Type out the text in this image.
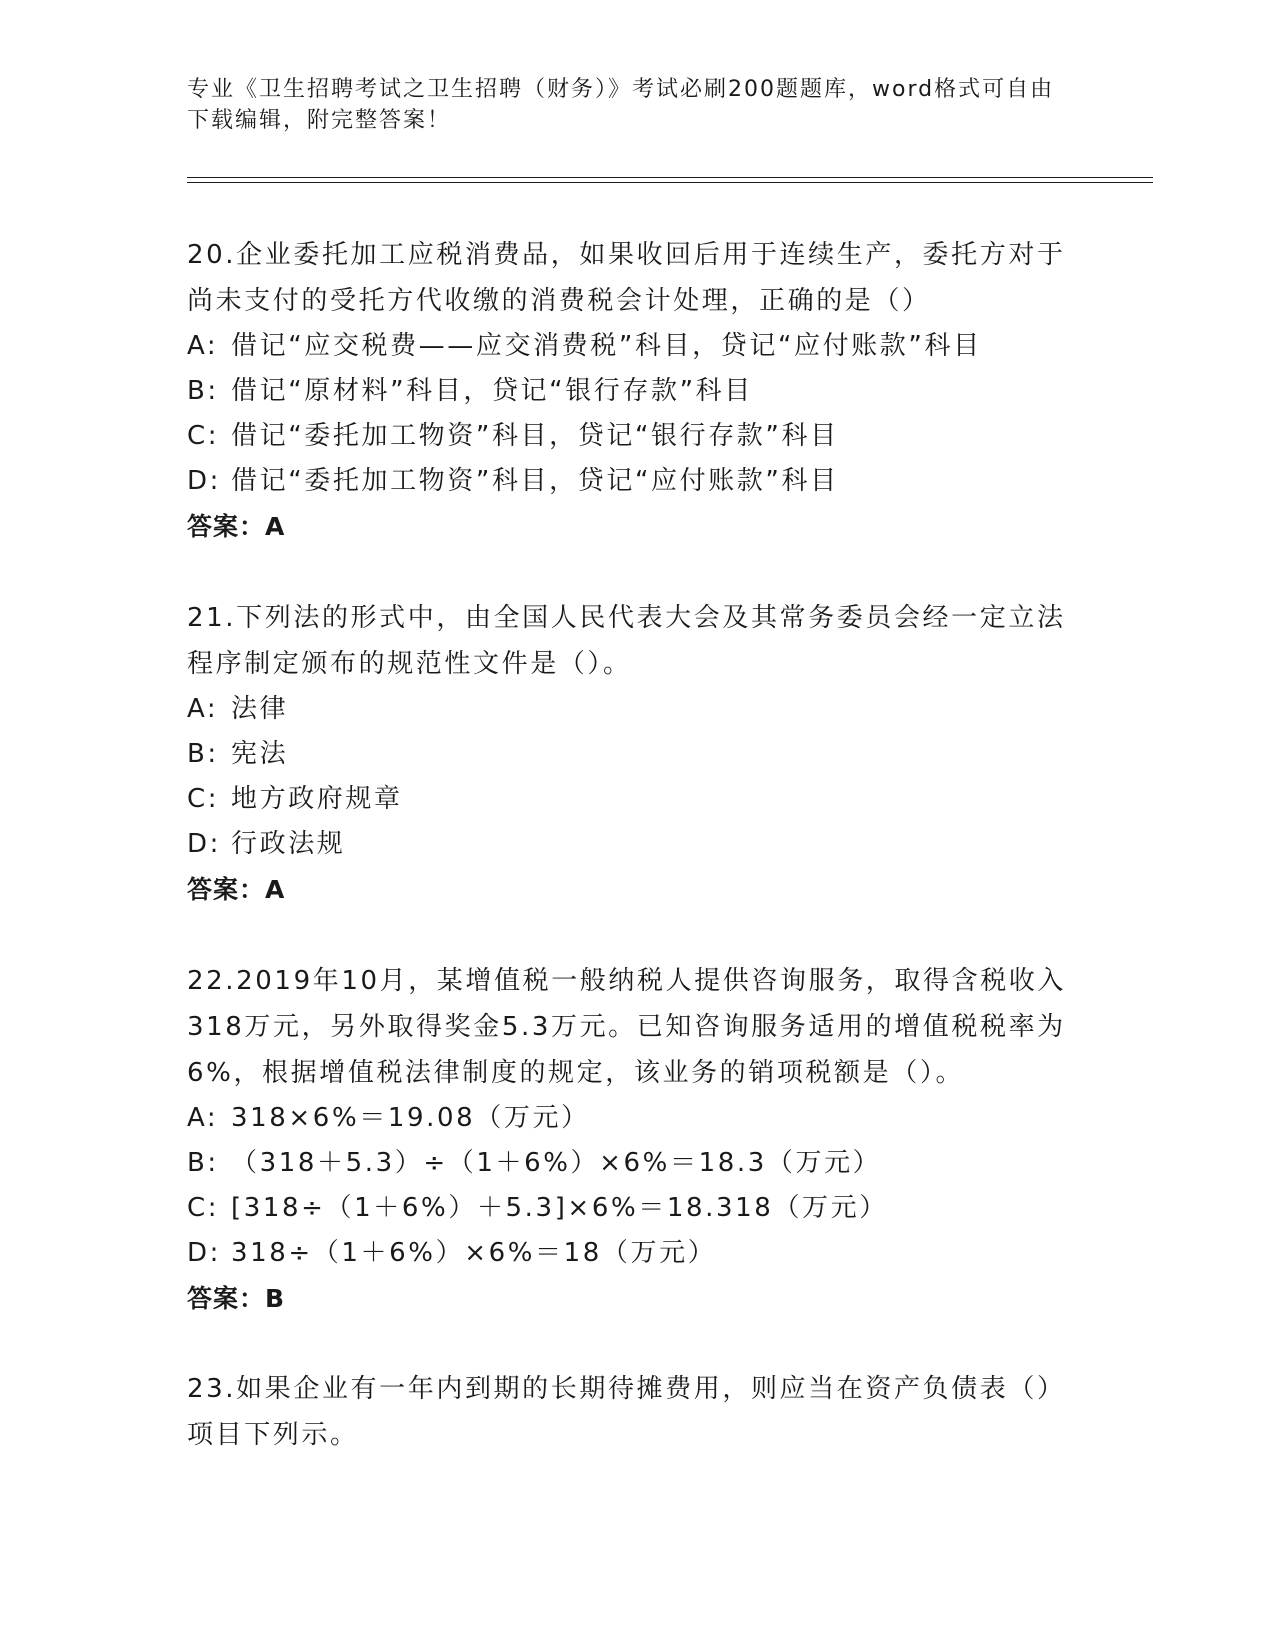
专业《卫生招聘考试之卫生招聘（财务）》考试必刷200题题库，word格式可自由下载编辑，附完整答案！
20.企业委托加工应税消费品，如果收回后用于连续生产，委托方对于尚未支付的受托方代收缴的消费税会计处理，正确的是（）
A: 借记“应交税费——应交消费税”科目，贷记“应付账款”科目
B: 借记“原材料”科目，贷记“银行存款”科目
C: 借记“委托加工物资”科目，贷记“银行存款”科目
D: 借记“委托加工物资”科目，贷记“应付账款”科目
答案：A
21.下列法的形式中，由全国人民代表大会及其常务委员会经一定立法程序制定颁布的规范性文件是（）。
A: 法律
B: 宪法
C: 地方政府规章
D: 行政法规
答案：A
22.2019年10月，某增值税一般纳税人提供咨询服务，取得含税收入318万元，另外取得奖金5.3万元。已知咨询服务适用的增值税税率为6%，根据增值税法律制度的规定，该业务的销项税额是（）。
A: 318×6%＝19.08（万元）
B: （318＋5.3）÷（1＋6%）×6%＝18.3（万元）
C: [318÷（1＋6%）＋5.3]×6%＝18.318（万元）
D: 318÷（1＋6%）×6%＝18（万元）
答案：B
23.如果企业有一年内到期的长期待摊费用，则应当在资产负债表（）项目下列示。
